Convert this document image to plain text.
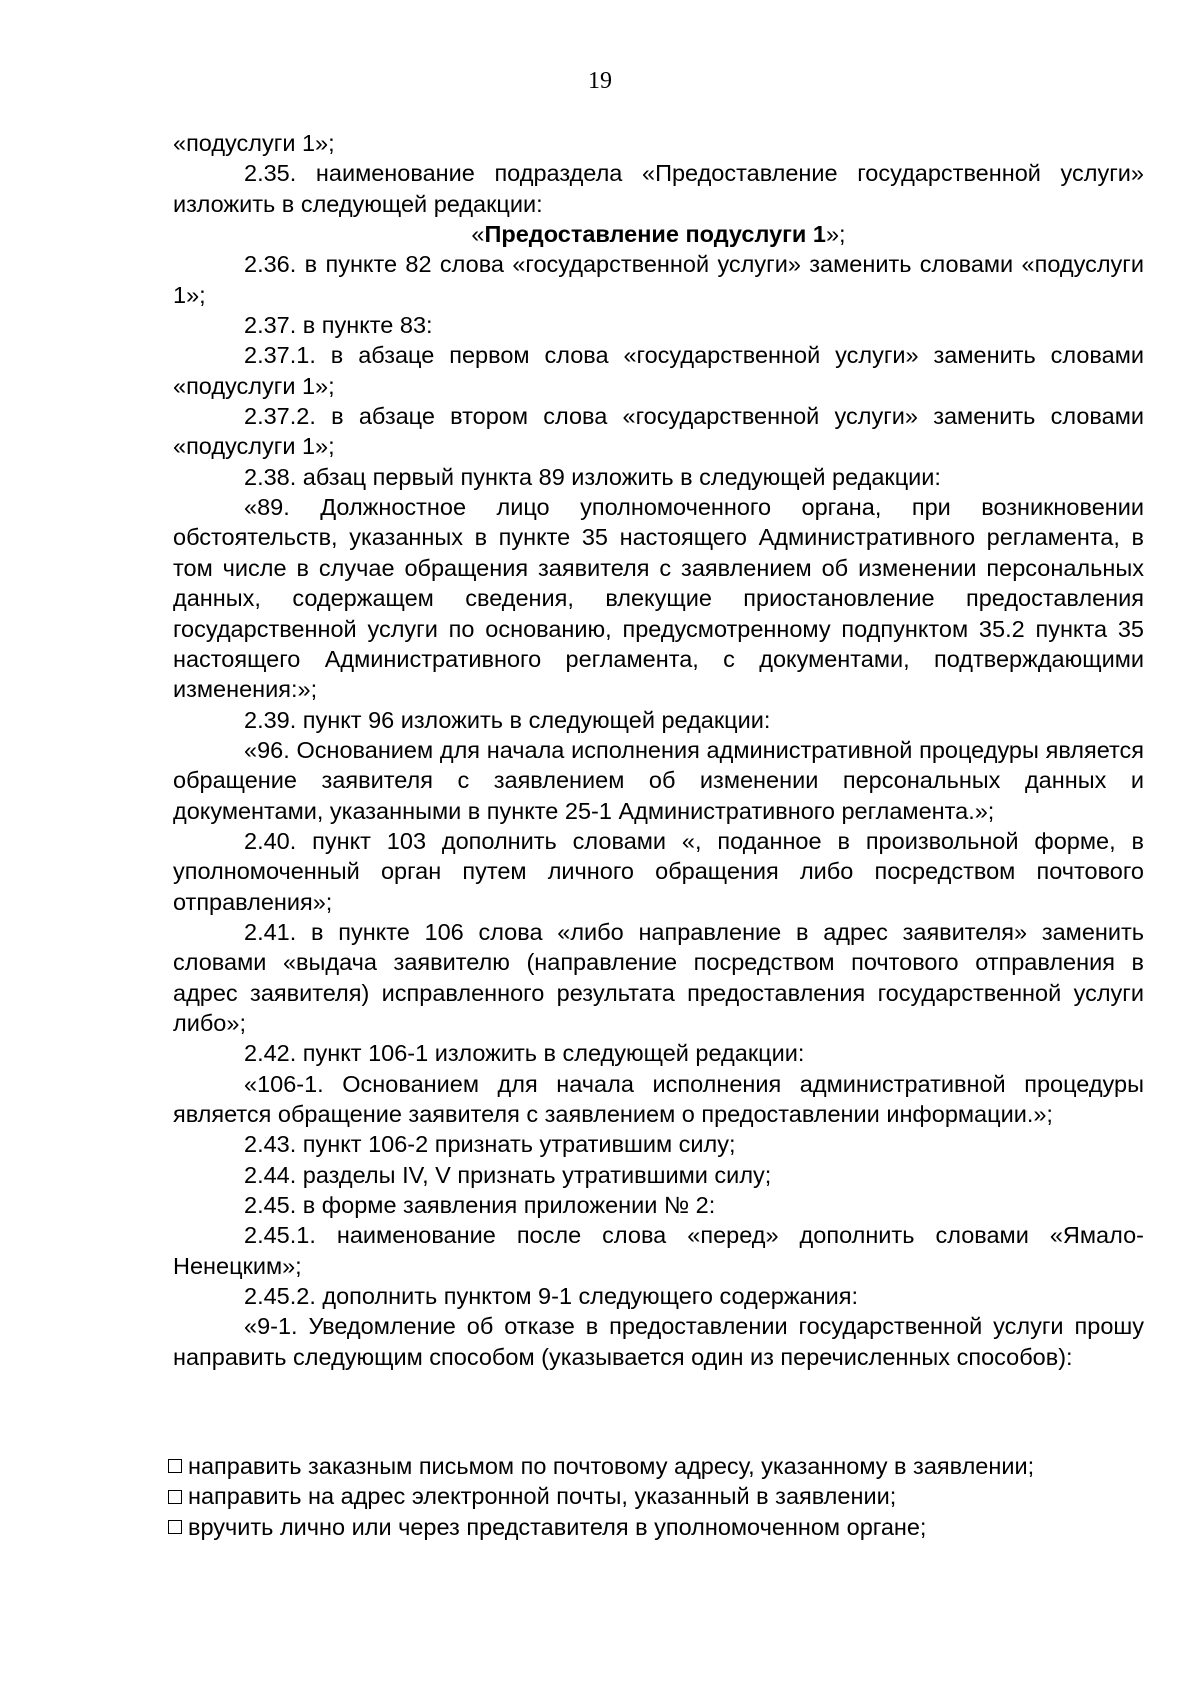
19

«подуслуги 1»;

2.35. наименование подраздела «Предоставление государственной услуги» изложить в следующей редакции:

«Предоставление подуслуги 1»;

2.36. в пункте 82 слова «государственной услуги» заменить словами «подуслуги 1»;

2.37. в пункте 83:

2.37.1. в абзаце первом слова «государственной услуги» заменить словами «подуслуги 1»;

2.37.2. в абзаце втором слова «государственной услуги» заменить словами «подуслуги 1»;

2.38. абзац первый пункта 89 изложить в следующей редакции:

«89. Должностное лицо уполномоченного органа, при возникновении обстоятельств, указанных в пункте 35 настоящего Административного регламента, в том числе в случае обращения заявителя с заявлением об изменении персональных данных, содержащем сведения, влекущие приостановление предоставления государственной услуги по основанию, предусмотренному подпунктом 35.2 пункта 35 настоящего Административного регламента, с документами, подтверждающими изменения:»;

2.39. пункт 96 изложить в следующей редакции:

«96. Основанием для начала исполнения административной процедуры является обращение заявителя с заявлением об изменении персональных данных и документами, указанными в пункте 25-1 Административного регламента.»;

2.40. пункт 103 дополнить словами «, поданное в произвольной форме, в уполномоченный орган путем личного обращения либо посредством почтового отправления»;

2.41. в пункте 106 слова «либо направление в адрес заявителя» заменить словами «выдача заявителю (направление посредством почтового отправления в адрес заявителя) исправленного результата предоставления государственной услуги либо»;

2.42. пункт 106-1 изложить в следующей редакции:

«106-1. Основанием для начала исполнения административной процедуры является обращение заявителя с заявлением о предоставлении информации.»;

2.43. пункт 106-2 признать утратившим силу;

2.44. разделы IV, V признать утратившими силу;

2.45. в форме заявления приложении № 2:

2.45.1. наименование после слова «перед» дополнить словами «Ямало-Ненецким»;

2.45.2. дополнить пунктом 9-1 следующего содержания:

«9-1. Уведомление об отказе в предоставлении государственной услуги прошу направить следующим способом (указывается один из перечисленных способов):

направить заказным письмом по почтовому адресу, указанному в заявлении;
направить на адрес электронной почты, указанный в заявлении;
вручить лично или через представителя в уполномоченном органе;
